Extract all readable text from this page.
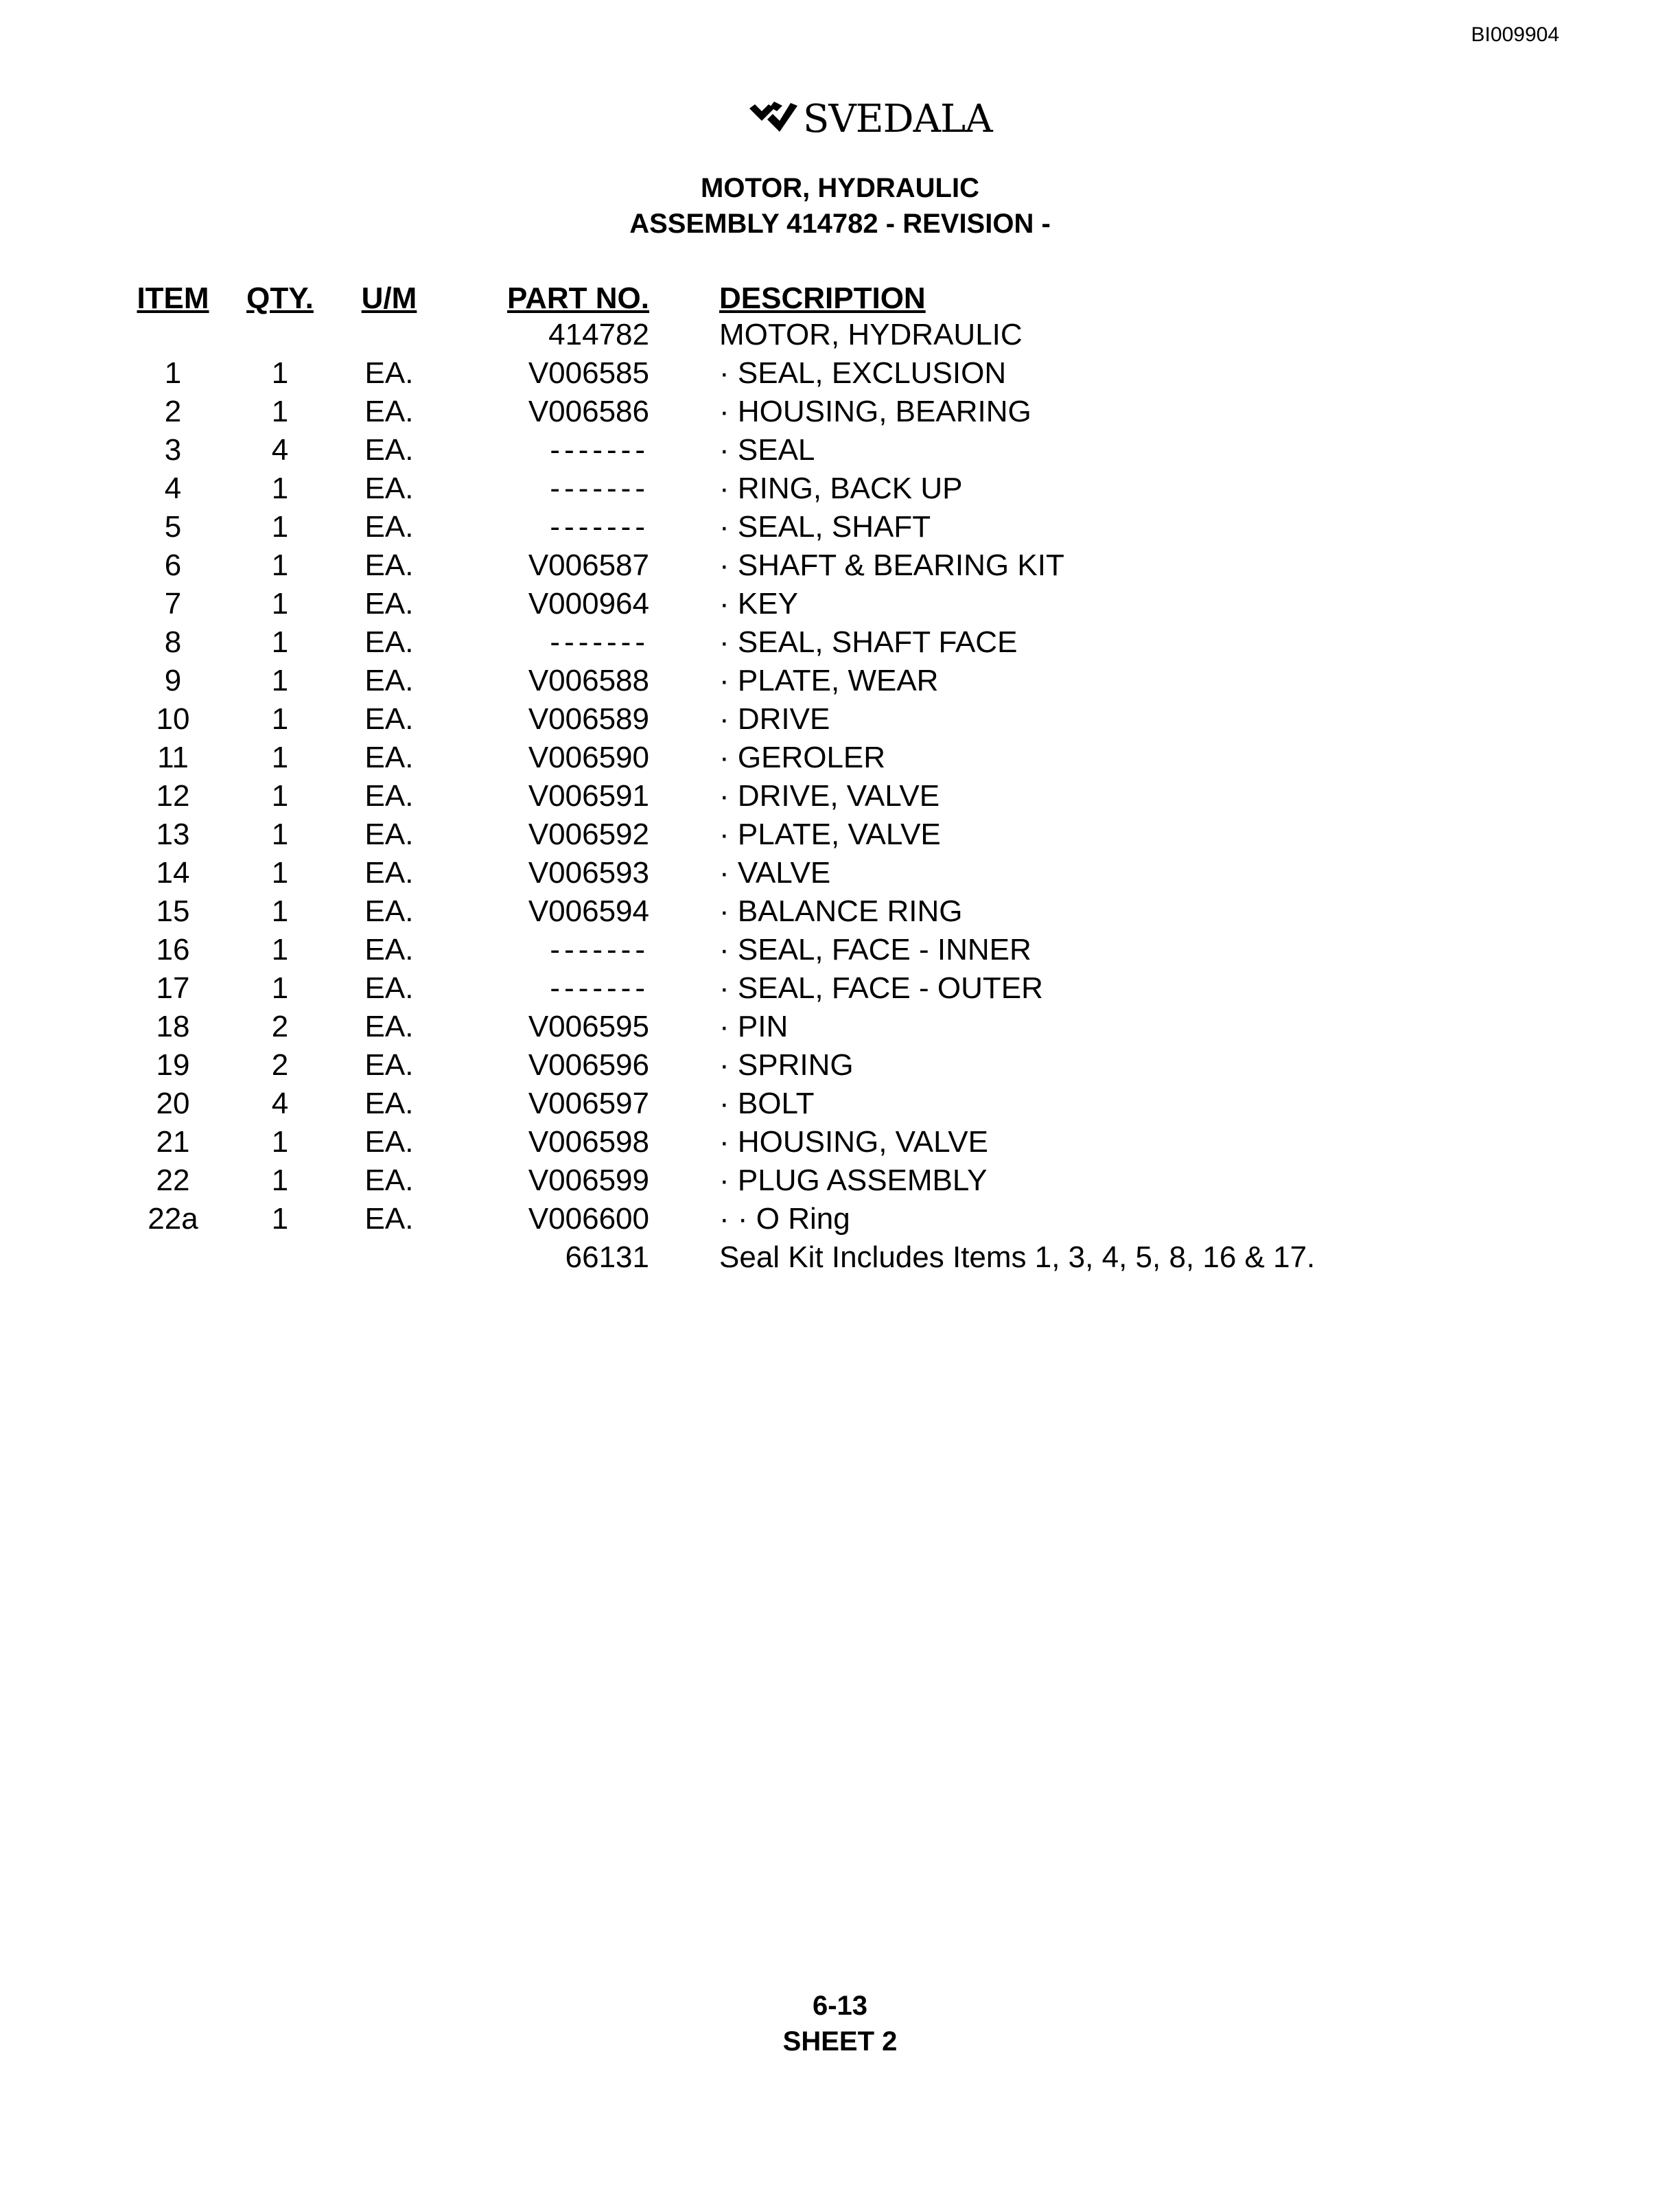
BI009904
SVEDALA
MOTOR, HYDRAULIC
ASSEMBLY 414782 - REVISION -
ITEM	QTY.	U/M	PART NO.		DESCRIPTION
			414782		MOTOR, HYDRAULIC
1	1	EA.	V006585		· SEAL, EXCLUSION
2	1	EA.	V006586		· HOUSING, BEARING
3	4	EA.	-------		· SEAL
4	1	EA.	-------		· RING, BACK UP
5	1	EA.	-------		· SEAL, SHAFT
6	1	EA.	V006587		· SHAFT & BEARING KIT
7	1	EA.	V000964		· KEY
8	1	EA.	-------		· SEAL, SHAFT FACE
9	1	EA.	V006588		· PLATE, WEAR
10	1	EA.	V006589		· DRIVE
11	1	EA.	V006590		· GEROLER
12	1	EA.	V006591		· DRIVE, VALVE
13	1	EA.	V006592		· PLATE, VALVE
14	1	EA.	V006593		· VALVE
15	1	EA.	V006594		· BALANCE RING
16	1	EA.	-------		· SEAL, FACE - INNER
17	1	EA.	-------		· SEAL, FACE - OUTER
18	2	EA.	V006595		· PIN
19	2	EA.	V006596		· SPRING
20	4	EA.	V006597		· BOLT
21	1	EA.	V006598		· HOUSING, VALVE
22	1	EA.	V006599		· PLUG ASSEMBLY
22a	1	EA.	V006600		· · O Ring
			66131		Seal Kit Includes Items 1, 3, 4, 5, 8, 16 & 17.
6-13
SHEET 2
